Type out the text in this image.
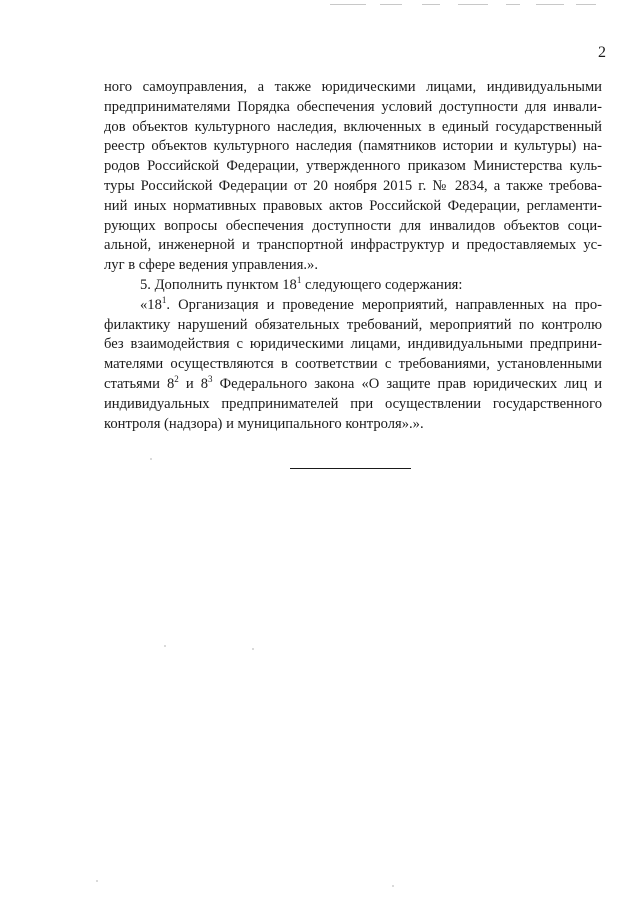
2
ного самоуправления, а также юридическими лицами, индивидуальными
предпринимателями Порядка обеспечения условий доступности для инвали-
дов объектов культурного наследия, включенных в единый государственный
реестр объектов культурного наследия (памятников истории и культуры) на-
родов Российской Федерации, утвержденного приказом Министерства куль-
туры Российской Федерации от 20 ноября 2015 г. № 2834, а также требова-
ний иных нормативных правовых актов Российской Федерации, регламенти-
рующих вопросы обеспечения доступности для инвалидов объектов соци-
альной, инженерной и транспортной инфраструктур и предоставляемых ус-
луг в сфере ведения управления.».
5. Дополнить пунктом $18^1$ следующего содержания:
«$18^1$. Организация и проведение мероприятий, направленных на про-
филактику нарушений обязательных требований, мероприятий по контролю
без взаимодействия с юридическими лицами, индивидуальными предприни-
мателями осуществляются в соответствии с требованиями, установленными
статьями $8^2$ и $8^3$ Федерального закона «О защите прав юридических лиц и
индивидуальных предпринимателей при осуществлении государственного
контроля (надзора) и муниципального контроля».».
